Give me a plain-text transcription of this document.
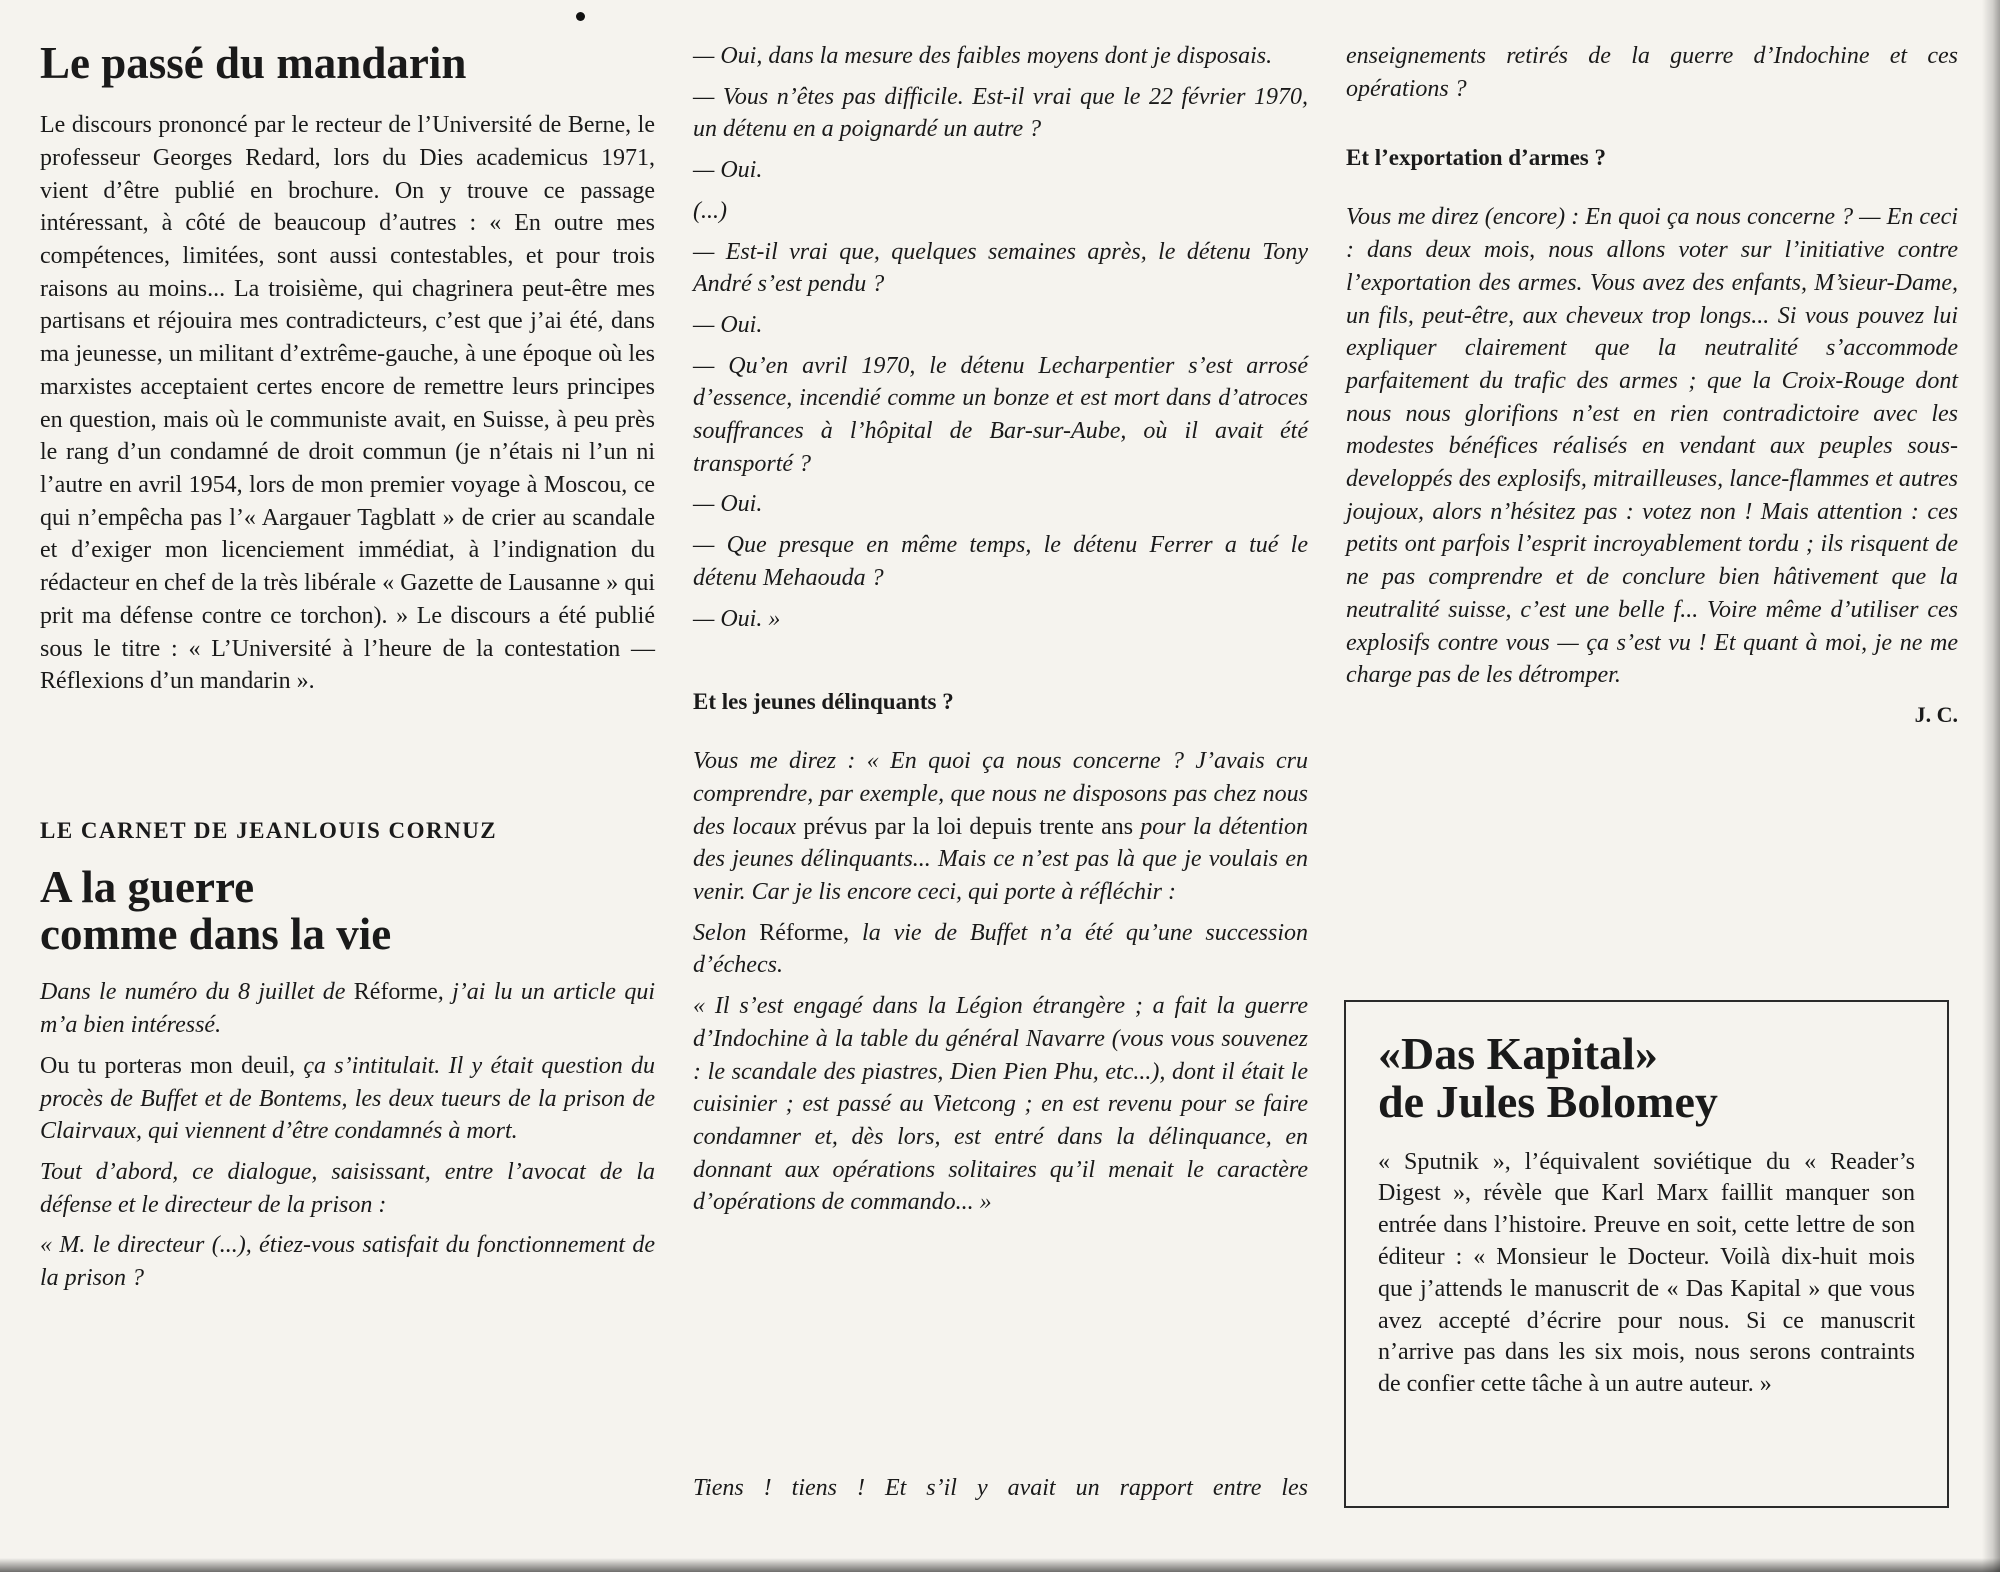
Le passé du mandarin

Le discours prononcé par le recteur de l’Université de Berne, le professeur Georges Redard, lors du Dies academicus 1971, vient d’être publié en brochure. On y trouve ce passage intéressant, à côté de beaucoup d’autres : « En outre mes compétences, limitées, sont aussi contestables, et pour trois raisons au moins... La troisième, qui chagrinera peut-être mes partisans et réjouira mes contradicteurs, c’est que j’ai été, dans ma jeunesse, un militant d’extrême-gauche, à une époque où les marxistes acceptaient certes encore de remettre leurs principes en question, mais où le communiste avait, en Suisse, à peu près le rang d’un condamné de droit commun (je n’étais ni l’un ni l’autre en avril 1954, lors de mon premier voyage à Moscou, ce qui n’empêcha pas l’« Aargauer Tagblatt » de crier au scandale et d’exiger mon licenciement immédiat, à l’indignation du rédacteur en chef de la très libérale « Gazette de Lausanne » qui prit ma défense contre ce torchon). » Le discours a été publié sous le titre : « L’Université à l’heure de la contestation — Réflexions d’un mandarin ».

LE CARNET DE JEANLOUIS CORNUZ
A la guerre
comme dans la vie

Dans le numéro du 8 juillet de Réforme, j’ai lu un article qui m’a bien intéressé.

Ou tu porteras mon deuil, ça s’intitulait. Il y était question du procès de Buffet et de Bontems, les deux tueurs de la prison de Clairvaux, qui viennent d’être condamnés à mort.

Tout d’abord, ce dialogue, saisissant, entre l’avocat de la défense et le directeur de la prison :

« M. le directeur (...), étiez-vous satisfait du fonctionnement de la prison ?

— Oui, dans la mesure des faibles moyens dont je disposais.

— Vous n’êtes pas difficile. Est-il vrai que le 22 février 1970, un détenu en a poignardé un autre ?

— Oui.

(...)

— Est-il vrai que, quelques semaines après, le détenu Tony André s’est pendu ?

— Oui.

— Qu’en avril 1970, le détenu Lecharpentier s’est arrosé d’essence, incendié comme un bonze et est mort dans d’atroces souffrances à l’hôpital de Bar-sur-Aube, où il avait été transporté ?

— Oui.

— Que presque en même temps, le détenu Ferrer a tué le détenu Mehaouda ?

— Oui. »

Et les jeunes délinquants ?

Vous me direz : « En quoi ça nous concerne ? J’avais cru comprendre, par exemple, que nous ne disposons pas chez nous des locaux prévus par la loi depuis trente ans pour la détention des jeunes délinquants... Mais ce n’est pas là que je voulais en venir. Car je lis encore ceci, qui porte à réfléchir :

Selon Réforme, la vie de Buffet n’a été qu’une succession d’échecs.

« Il s’est engagé dans la Légion étrangère ; a fait la guerre d’Indochine à la table du général Navarre (vous vous souvenez : le scandale des piastres, Dien Pien Phu, etc...), dont il était le cuisinier ; est passé au Vietcong ; en est revenu pour se faire condamner et, dès lors, est entré dans la délinquance, en donnant aux opérations solitaires qu’il menait le caractère d’opérations de commando... »

Tiens ! tiens ! Et s’il y avait un rapport entre les

enseignements retirés de la guerre d’Indochine et ces opérations ?

Et l’exportation d’armes ?

Vous me direz (encore) : En quoi ça nous concerne ? — En ceci : dans deux mois, nous allons voter sur l’initiative contre l’exportation des armes. Vous avez des enfants, M’sieur-Dame, un fils, peut-être, aux cheveux trop longs... Si vous pouvez lui expliquer clairement que la neutralité s’accommode parfaitement du trafic des armes ; que la Croix-Rouge dont nous nous glorifions n’est en rien contradictoire avec les modestes bénéfices réalisés en vendant aux peuples sous-developpés des explosifs, mitrailleuses, lance-flammes et autres joujoux, alors n’hésitez pas : votez non ! Mais attention : ces petits ont parfois l’esprit incroyablement tordu ; ils risquent de ne pas comprendre et de conclure bien hâtivement que la neutralité suisse, c’est une belle f... Voire même d’utiliser ces explosifs contre vous — ça s’est vu ! Et quant à moi, je ne me charge pas de les détromper.

J. C.
«Das Kapital»
de Jules Bolomey

« Sputnik », l’équivalent soviétique du « Reader’s Digest », révèle que Karl Marx faillit manquer son entrée dans l’histoire. Preuve en soit, cette lettre de son éditeur : « Monsieur le Docteur. Voilà dix-huit mois que j’attends le manuscrit de « Das Kapital » que vous avez accepté d’écrire pour nous. Si ce manuscrit n’arrive pas dans les six mois, nous serons contraints de confier cette tâche à un autre auteur. »
